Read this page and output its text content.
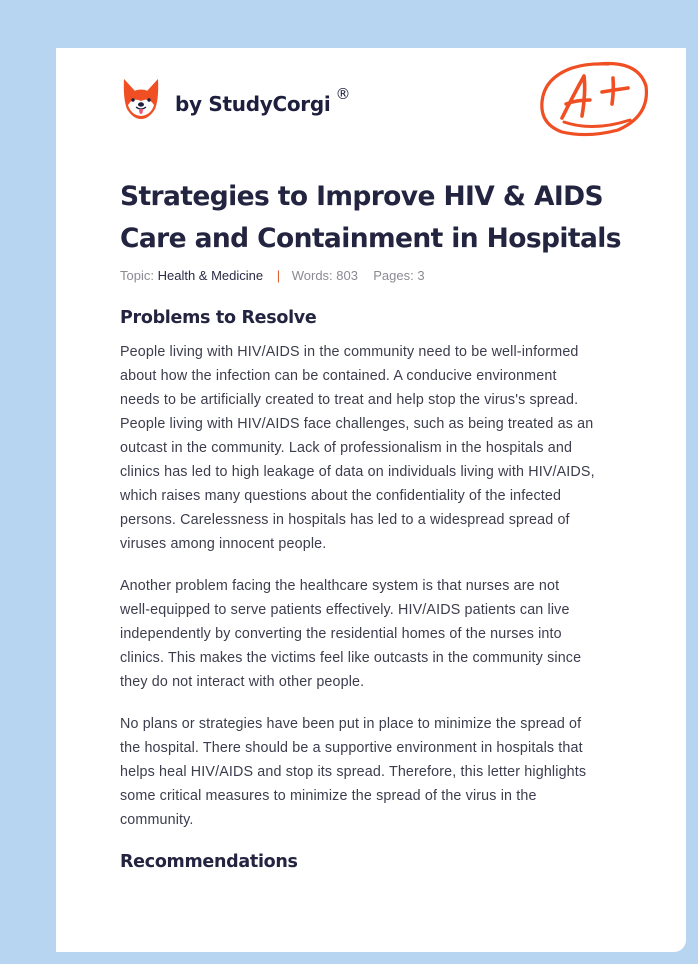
by StudyCorgi ®
Strategies to Improve HIV & AIDS
Care and Containment in Hospitals
Topic: Health & Medicine | Words: 803 Pages: 3
Problems to Resolve

People living with HIV/AIDS in the community need to be well-informed
about how the infection can be contained. A conducive environment
needs to be artificially created to treat and help stop the virus's spread.
People living with HIV/AIDS face challenges, such as being treated as an
outcast in the community. Lack of professionalism in the hospitals and
clinics has led to high leakage of data on individuals living with HIV/AIDS,
which raises many questions about the confidentiality of the infected
persons. Carelessness in hospitals has led to a widespread spread of
viruses among innocent people.

Another problem facing the healthcare system is that nurses are not
well-equipped to serve patients effectively. HIV/AIDS patients can live
independently by converting the residential homes of the nurses into
clinics. This makes the victims feel like outcasts in the community since
they do not interact with other people.

No plans or strategies have been put in place to minimize the spread of
the hospital. There should be a supportive environment in hospitals that
helps heal HIV/AIDS and stop its spread. Therefore, this letter highlights
some critical measures to minimize the spread of the virus in the
community.

Recommendations
